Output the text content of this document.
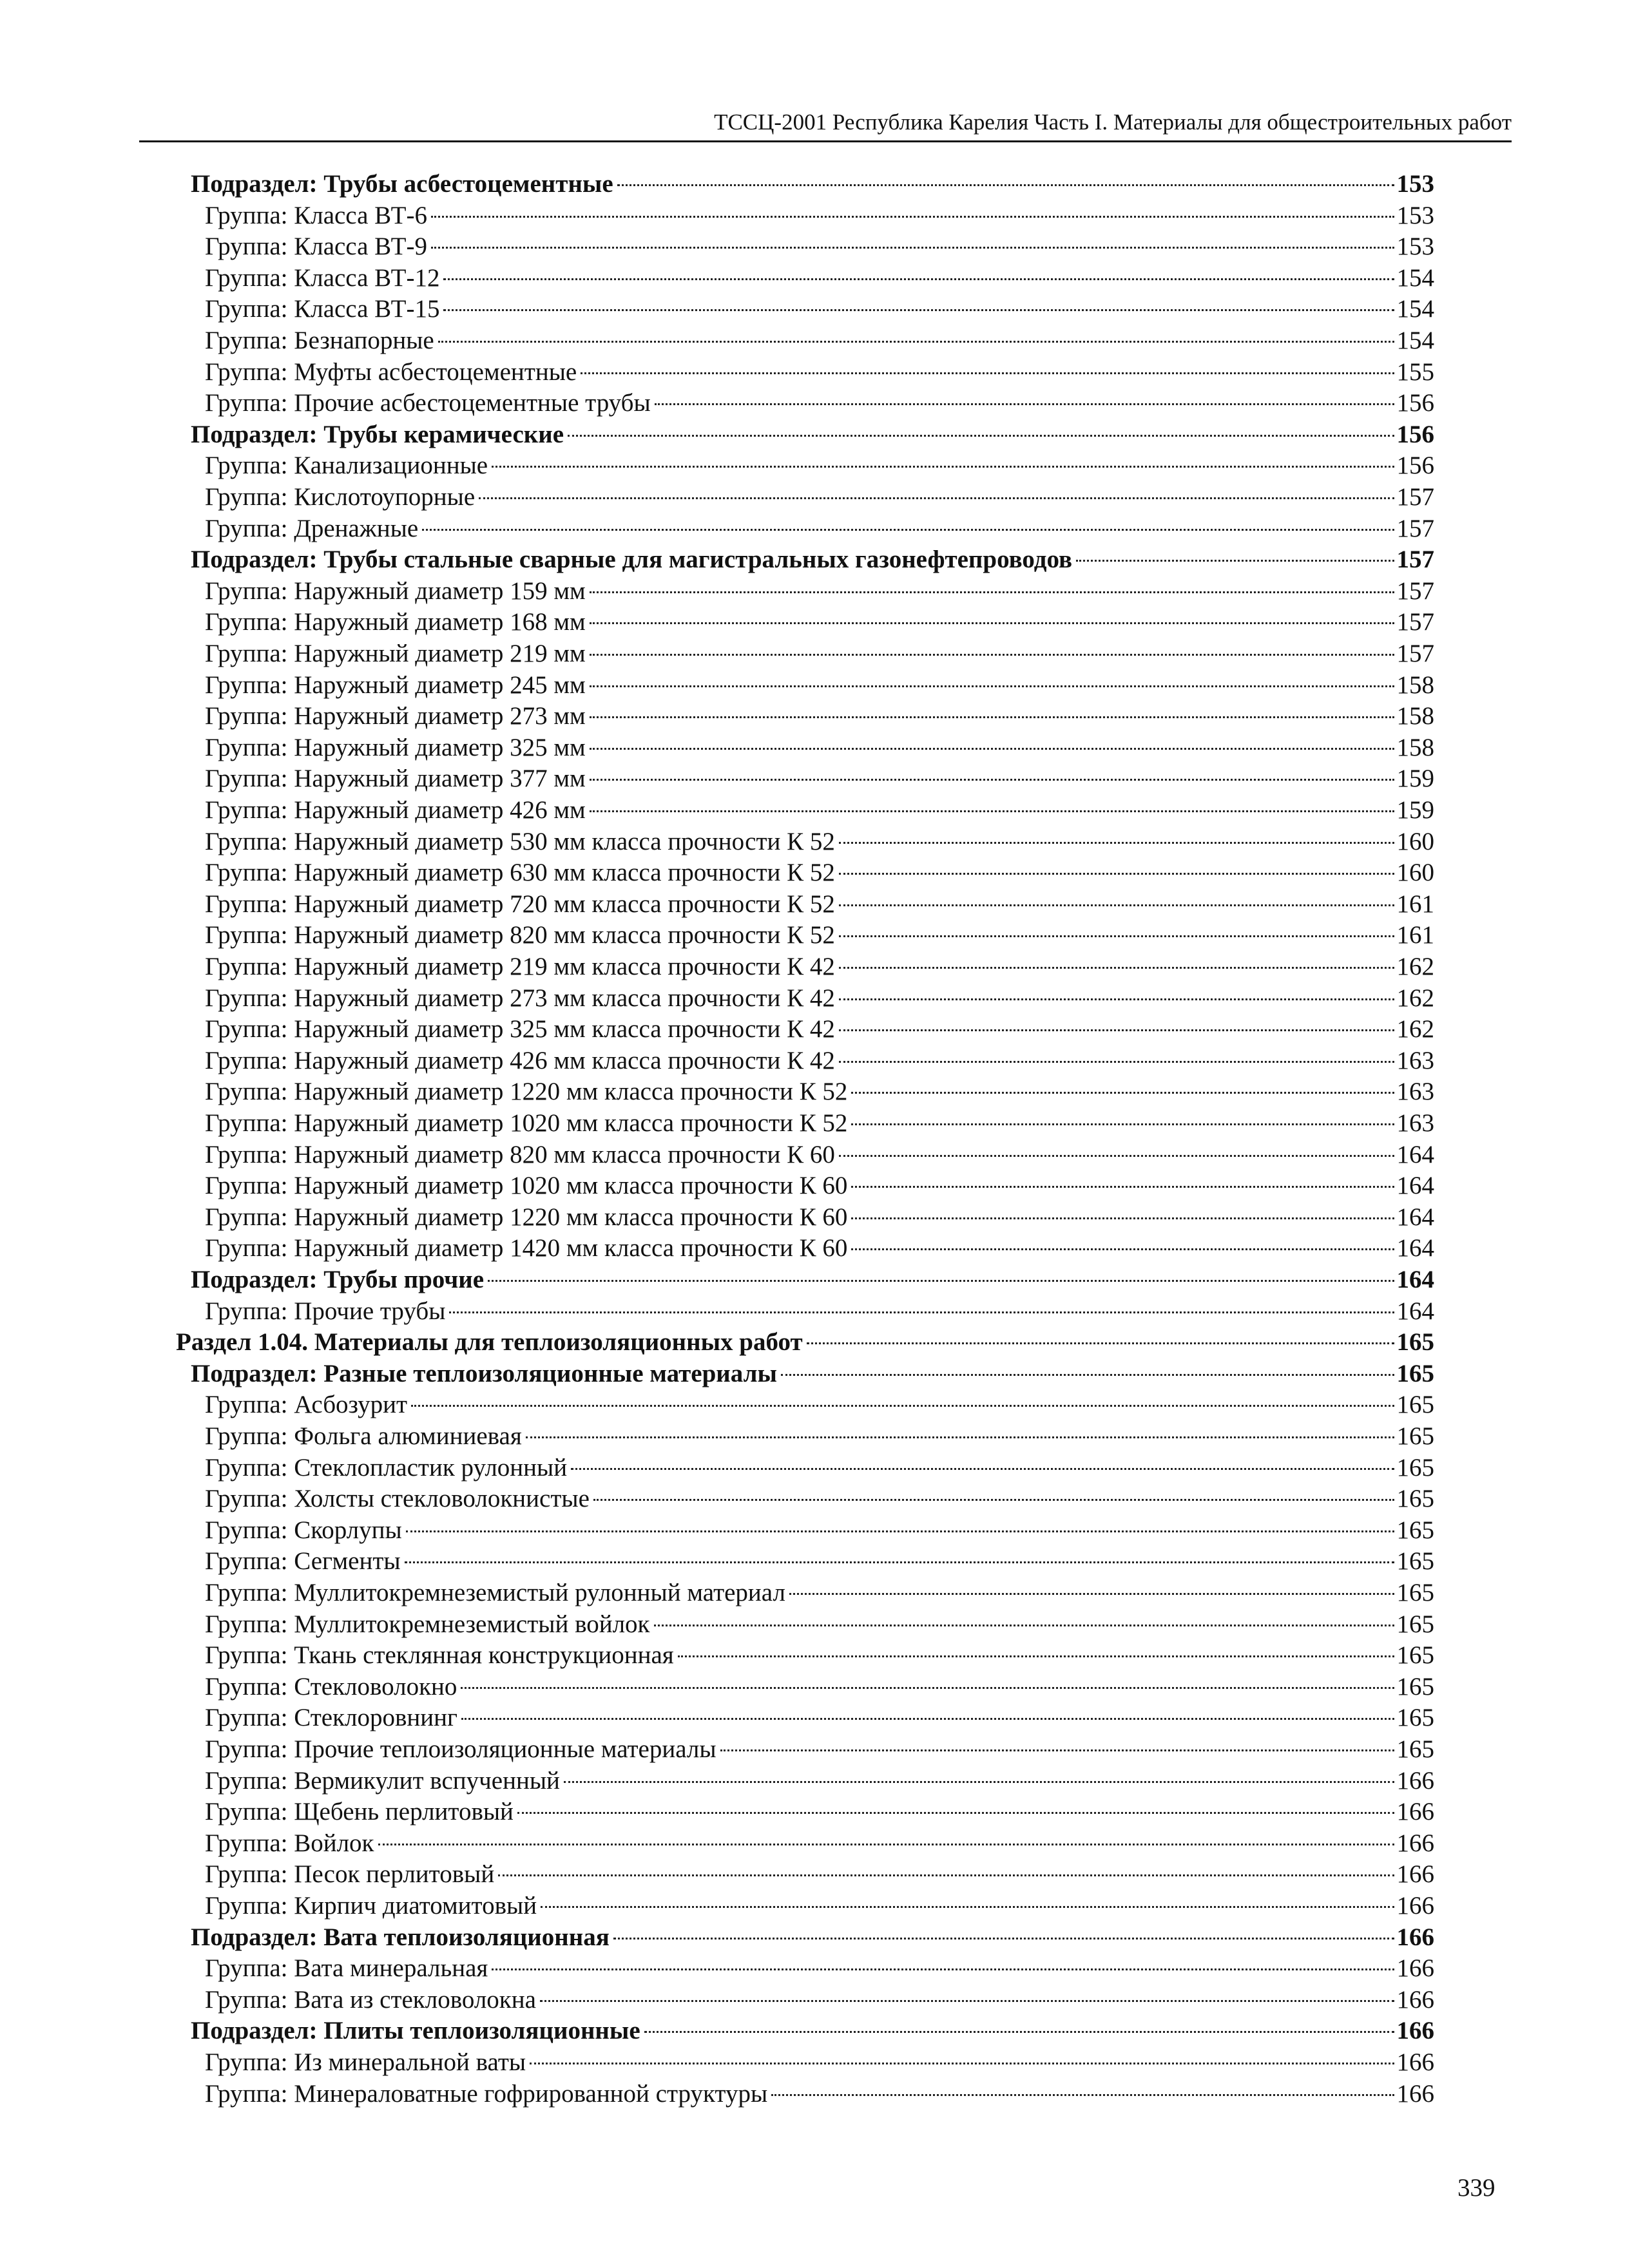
ТССЦ-2001 Республика Карелия Часть I. Материалы для общестроительных работ
Подраздел: Трубы асбестоцементные	153
Группа: Класса ВТ-6	153
Группа: Класса ВТ-9	153
Группа: Класса ВТ-12	154
Группа: Класса ВТ-15	154
Группа: Безнапорные	154
Группа: Муфты асбестоцементные	155
Группа: Прочие асбестоцементные трубы	156
Подраздел: Трубы керамические	156
Группа: Канализационные	156
Группа: Кислотоупорные	157
Группа: Дренажные	157
Подраздел: Трубы стальные сварные для магистральных газонефтепроводов	157
Группа: Наружный диаметр 159 мм	157
Группа: Наружный диаметр 168 мм	157
Группа: Наружный диаметр 219 мм	157
Группа: Наружный диаметр 245 мм	158
Группа: Наружный диаметр 273 мм	158
Группа: Наружный диаметр 325 мм	158
Группа: Наружный диаметр 377 мм	159
Группа: Наружный диаметр 426 мм	159
Группа: Наружный диаметр 530 мм класса прочности К 52	160
Группа: Наружный диаметр 630 мм класса прочности К 52	160
Группа: Наружный диаметр 720 мм класса прочности К 52	161
Группа: Наружный диаметр 820 мм класса прочности К 52	161
Группа: Наружный диаметр 219 мм класса прочности К 42	162
Группа: Наружный диаметр 273 мм класса прочности К 42	162
Группа: Наружный диаметр 325 мм класса прочности К 42	162
Группа: Наружный диаметр 426 мм класса прочности К 42	163
Группа: Наружный диаметр 1220 мм класса прочности К 52	163
Группа: Наружный диаметр 1020 мм класса прочности К 52	163
Группа: Наружный диаметр 820 мм класса прочности К 60	164
Группа: Наружный диаметр 1020 мм класса прочности К 60	164
Группа: Наружный диаметр 1220 мм класса прочности К 60	164
Группа: Наружный диаметр 1420 мм класса прочности К 60	164
Подраздел: Трубы прочие	164
Группа: Прочие трубы	164
Раздел 1.04. Материалы для теплоизоляционных работ	165
Подраздел: Разные теплоизоляционные материалы	165
Группа: Асбозурит	165
Группа: Фольга алюминиевая	165
Группа: Стеклопластик рулонный	165
Группа: Холсты стекловолокнистые	165
Группа: Скорлупы	165
Группа: Сегменты	165
Группа: Муллитокремнеземистый рулонный материал	165
Группа: Муллитокремнеземистый войлок	165
Группа: Ткань стеклянная конструкционная	165
Группа: Стекловолокно	165
Группа: Стеклоровнинг	165
Группа: Прочие теплоизоляционные материалы	165
Группа: Вермикулит вспученный	166
Группа: Щебень перлитовый	166
Группа: Войлок	166
Группа: Песок перлитовый	166
Группа: Кирпич диатомитовый	166
Подраздел: Вата теплоизоляционная	166
Группа: Вата минеральная	166
Группа: Вата из стекловолокна	166
Подраздел: Плиты теплоизоляционные	166
Группа: Из минеральной ваты	166
Группа: Минераловатные гофрированной структуры	166
339
